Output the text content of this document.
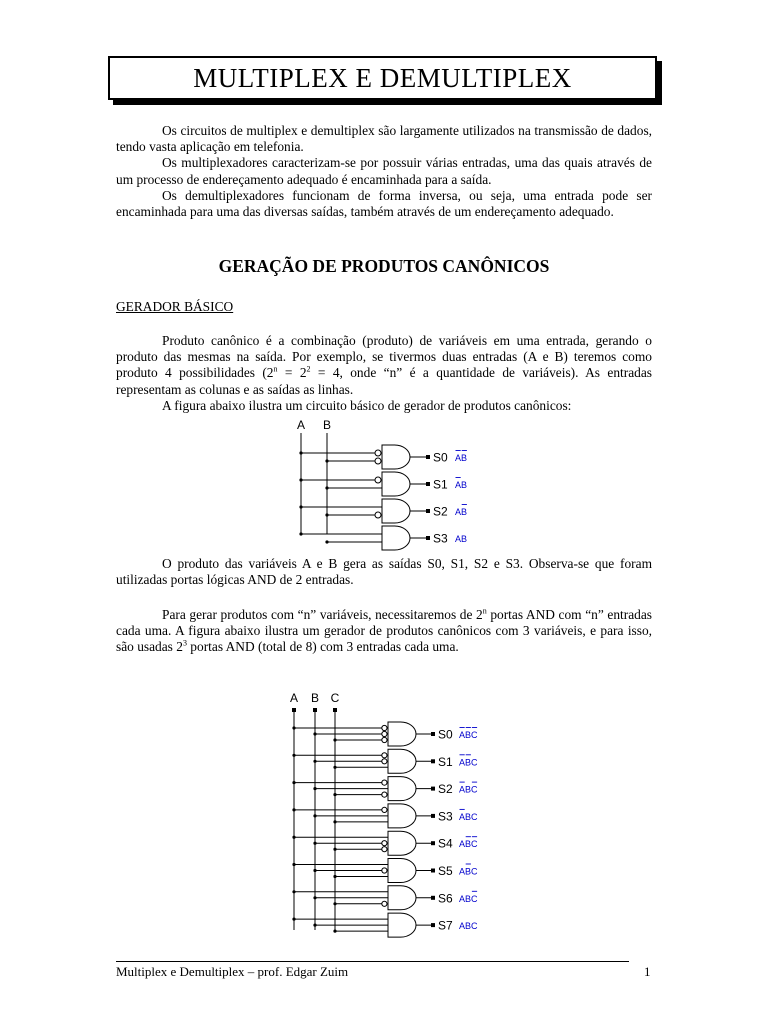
MULTIPLEX E DEMULTIPLEX
Os circuitos de multiplex e demultiplex são largamente utilizados na transmissão de dados, tendo vasta aplicação em telefonia.
Os multiplexadores caracterizam-se por possuir várias entradas, uma das quais através de um processo de endereçamento adequado é encaminhada para a saída.
Os demultiplexadores funcionam de forma inversa, ou seja, uma entrada pode ser encaminhada para uma das diversas saídas, também através de um endereçamento adequado.
GERAÇÃO DE PRODUTOS CANÔNICOS
GERADOR BÁSICO
Produto canônico é a combinação (produto) de variáveis em uma entrada, gerando o produto das mesmas na saída. Por exemplo, se tivermos duas entradas (A e B) teremos como produto 4 possibilidades ($2^n = 2^2 = 4$, onde “n” é a quantidade de variáveis). As entradas representam as colunas e as saídas as linhas.
A figura abaixo ilustra um circuito básico de gerador de produtos canônicos:
A B
S0 AB
S1 AB
S2 AB
S3 AB
O produto das variáveis A e B gera as saídas S0, S1, S2 e S3. Observa-se que foram utilizadas portas lógicas AND de 2 entradas.
Para gerar produtos com “n” variáveis, necessitaremos de 2$^n$ portas AND com “n” entradas cada uma. A figura abaixo ilustra um gerador de produtos canônicos com 3 variáveis, e para isso, são usadas $2^3$ portas AND (total de 8) com 3 entradas cada uma.
A B C
S0 ABC
S1 ABC
S2 ABC
S3 ABC
S4 ABC
S5 ABC
S6 ABC
S7 ABC
Multiplex e Demultiplex – prof. Edgar Zuim	1
